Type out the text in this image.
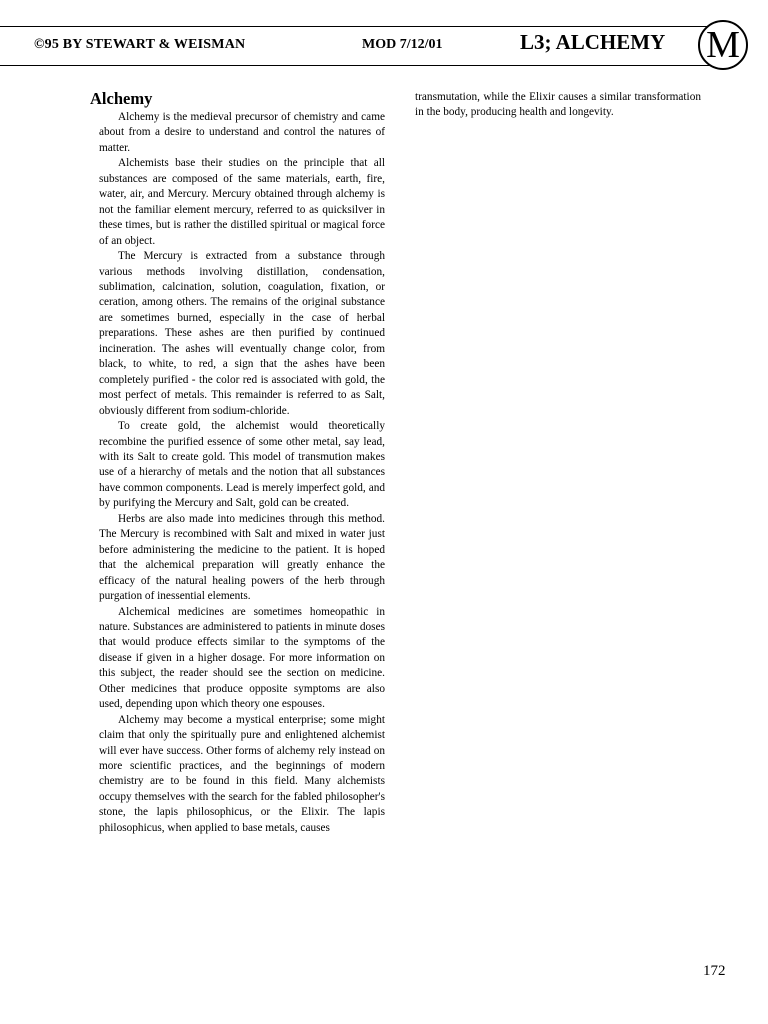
©95 BY STEWART & WEISMAN	MOD 7/12/01	L3; ALCHEMY M
Alchemy

Alchemy is the medieval precursor of chemistry and came about from a desire to understand and control the natures of matter.

Alchemists base their studies on the principle that all substances are composed of the same materials, earth, fire, water, air, and Mercury. Mercury obtained through alchemy is not the familiar element mercury, referred to as quicksilver in these times, but is rather the distilled spiritual or magical force of an object.

The Mercury is extracted from a substance through various methods involving distillation, condensation, sublimation, calcination, solution, coagulation, fixation, or ceration, among others. The remains of the original substance are sometimes burned, especially in the case of herbal preparations. These ashes are then purified by continued incineration. The ashes will eventually change color, from black, to white, to red, a sign that the ashes have been completely purified - the color red is associated with gold, the most perfect of metals. This remainder is referred to as Salt, obviously different from sodium-chloride.

To create gold, the alchemist would theoretically recombine the purified essence of some other metal, say lead, with its Salt to create gold. This model of transmution makes use of a hierarchy of metals and the notion that all substances have common components. Lead is merely imperfect gold, and by purifying the Mercury and Salt, gold can be created.

Herbs are also made into medicines through this method. The Mercury is recombined with Salt and mixed in water just before administering the medicine to the patient. It is hoped that the alchemical preparation will greatly enhance the efficacy of the natural healing powers of the herb through purgation of inessential elements.

Alchemical medicines are sometimes homeopathic in nature. Substances are administered to patients in minute doses that would produce effects similar to the symptoms of the disease if given in a higher dosage. For more information on this subject, the reader should see the section on medicine. Other medicines that produce opposite symptoms are also used, depending upon which theory one espouses.

Alchemy may become a mystical enterprise; some might claim that only the spiritually pure and enlightened alchemist will ever have success. Other forms of alchemy rely instead on more scientific practices, and the beginnings of modern chemistry are to be found in this field. Many alchemists occupy themselves with the search for the fabled philosopher's stone, the lapis philosophicus, or the Elixir. The lapis philosophicus, when applied to base metals, causes

transmutation, while the Elixir causes a similar transformation in the body, producing health and longevity.

172
